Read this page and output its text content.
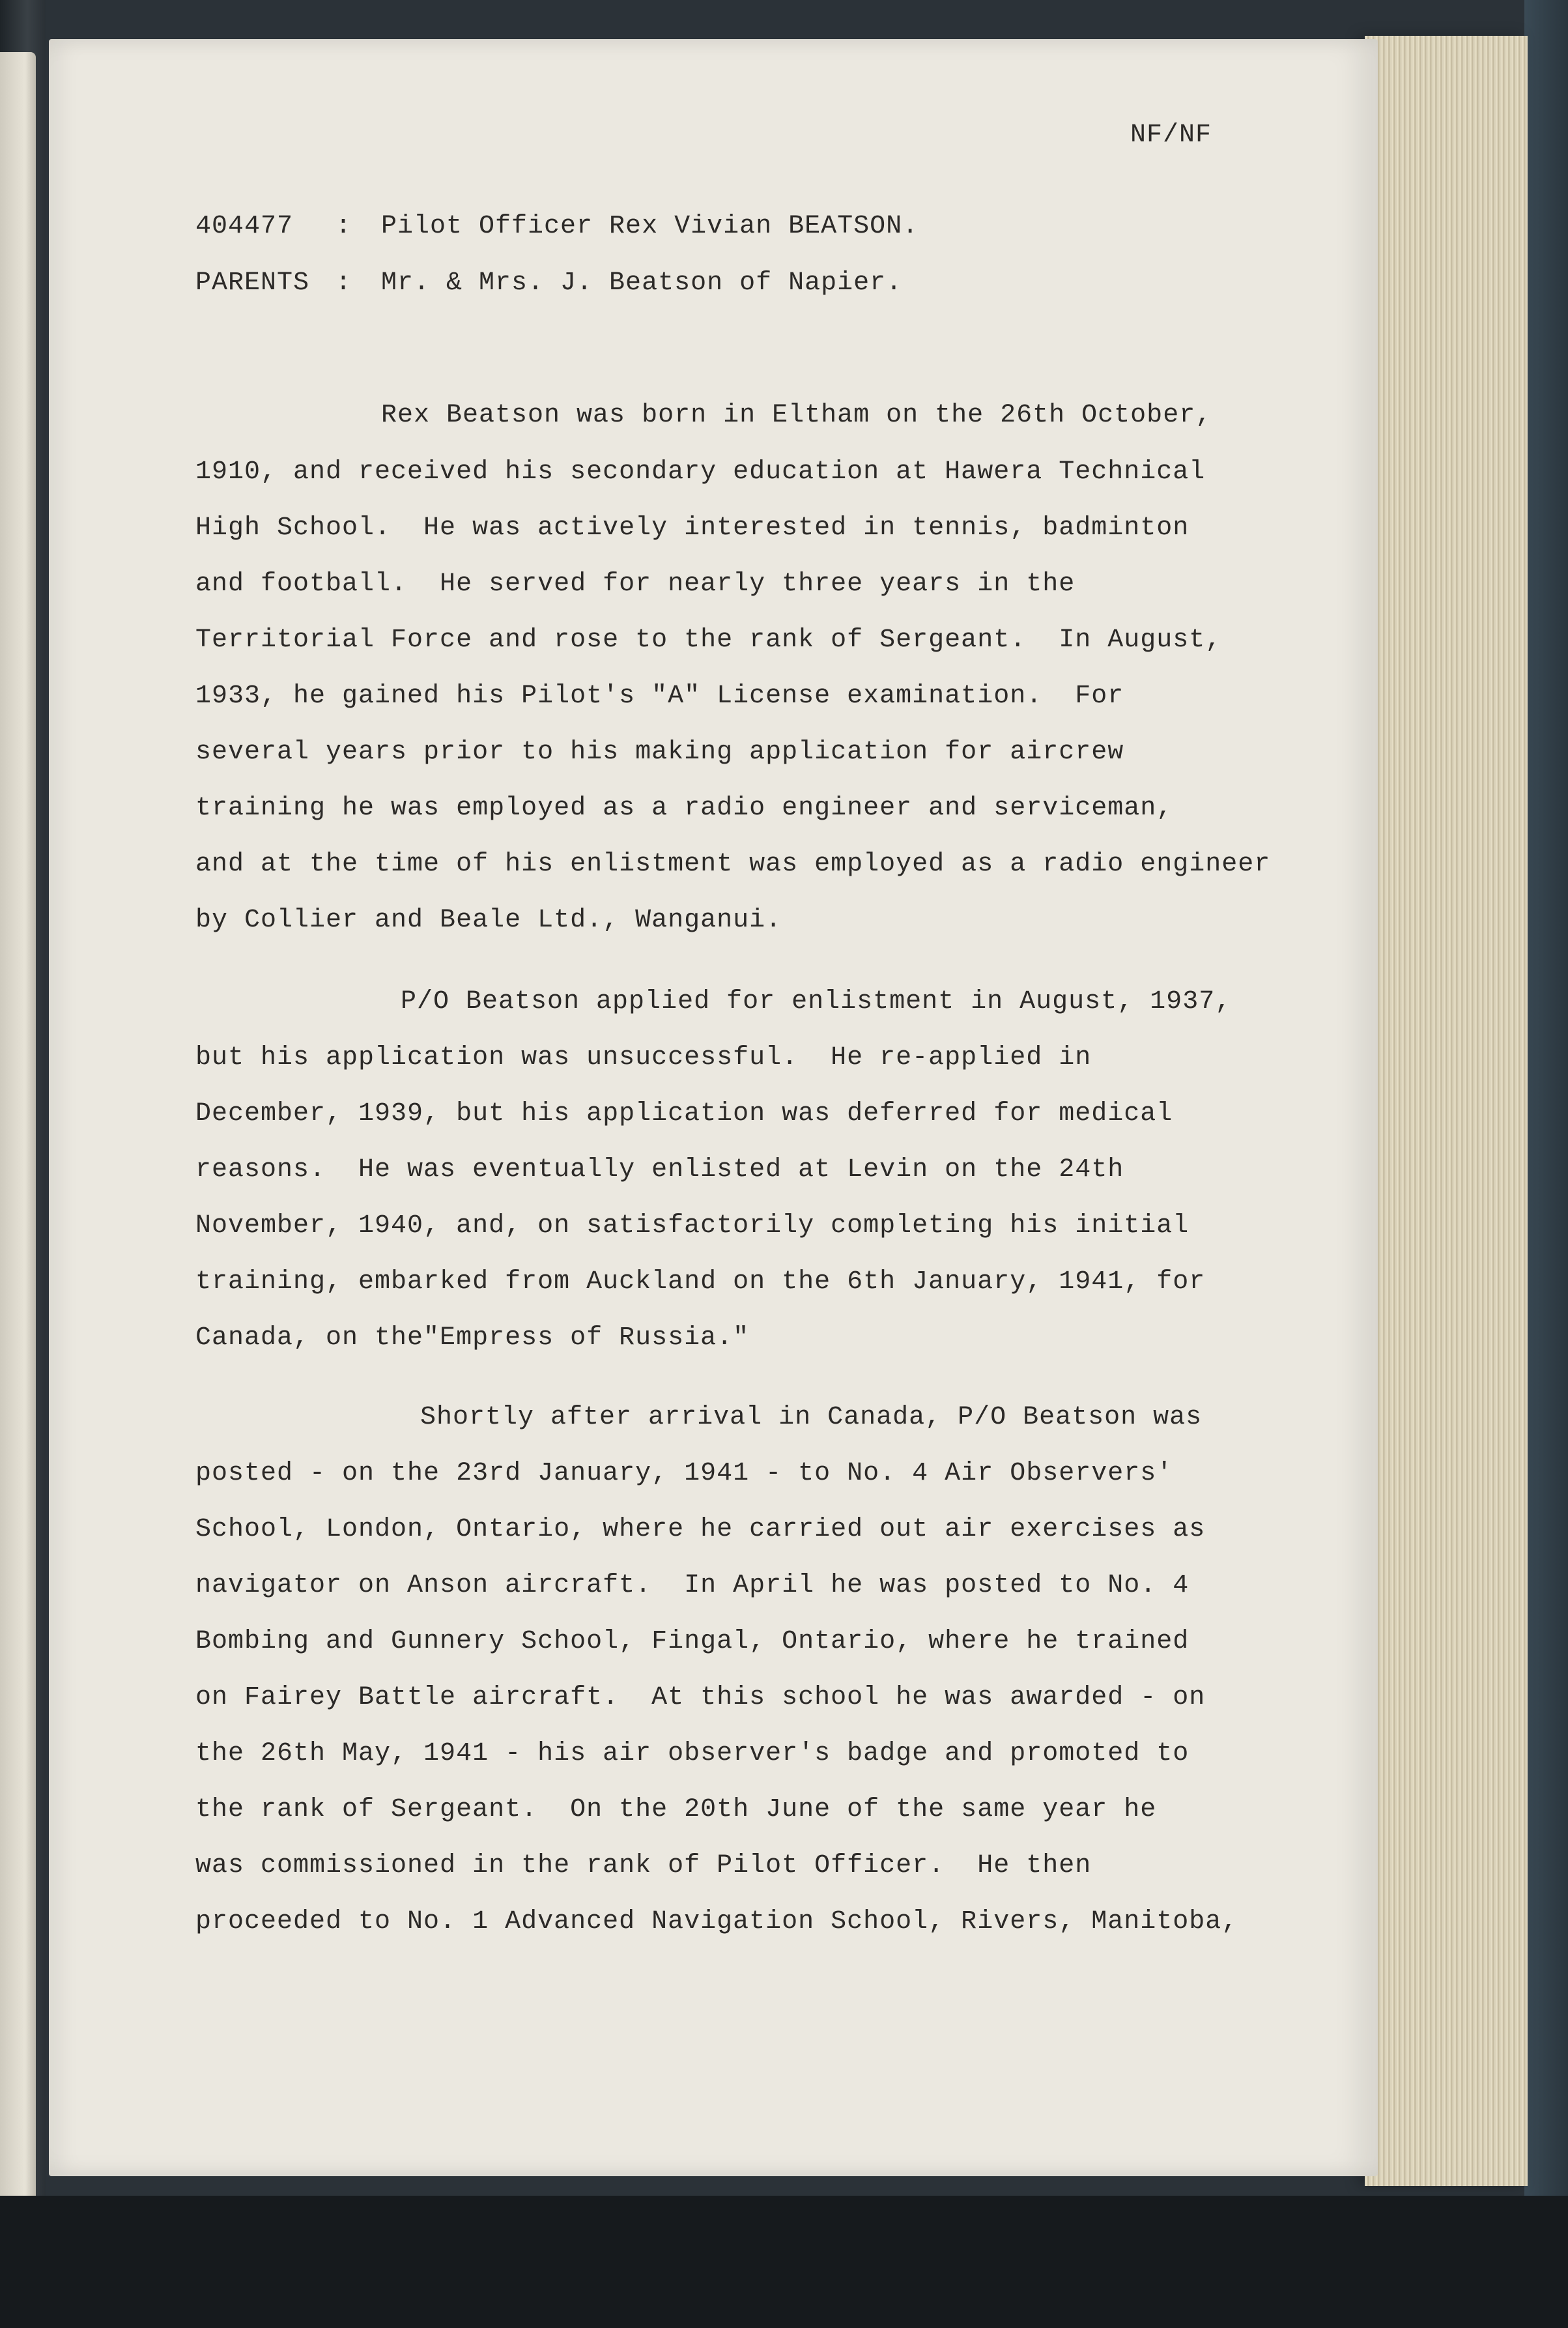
NF/NF
404477 : Pilot Officer Rex Vivian BEATSON.
PARENTS : Mr. & Mrs. J. Beatson of Napier.
Rex Beatson was born in Eltham on the 26th October,
1910, and received his secondary education at Hawera Technical
High School.  He was actively interested in tennis, badminton
and football.  He served for nearly three years in the
Territorial Force and rose to the rank of Sergeant.  In August,
1933, he gained his Pilot's "A" License examination.  For
several years prior to his making application for aircrew
training he was employed as a radio engineer and serviceman,
and at the time of his enlistment was employed as a radio engineer
by Collier and Beale Ltd., Wanganui.
P/O Beatson applied for enlistment in August, 1937,
but his application was unsuccessful.  He re-applied in
December, 1939, but his application was deferred for medical
reasons.  He was eventually enlisted at Levin on the 24th
November, 1940, and, on satisfactorily completing his initial
training, embarked from Auckland on the 6th January, 1941, for
Canada, on the"Empress of Russia."
Shortly after arrival in Canada, P/O Beatson was
posted - on the 23rd January, 1941 - to No. 4 Air Observers'
School, London, Ontario, where he carried out air exercises as
navigator on Anson aircraft.  In April he was posted to No. 4
Bombing and Gunnery School, Fingal, Ontario, where he trained
on Fairey Battle aircraft.  At this school he was awarded - on
the 26th May, 1941 - his air observer's badge and promoted to
the rank of Sergeant.  On the 20th June of the same year he
was commissioned in the rank of Pilot Officer.  He then
proceeded to No. 1 Advanced Navigation School, Rivers, Manitoba,
